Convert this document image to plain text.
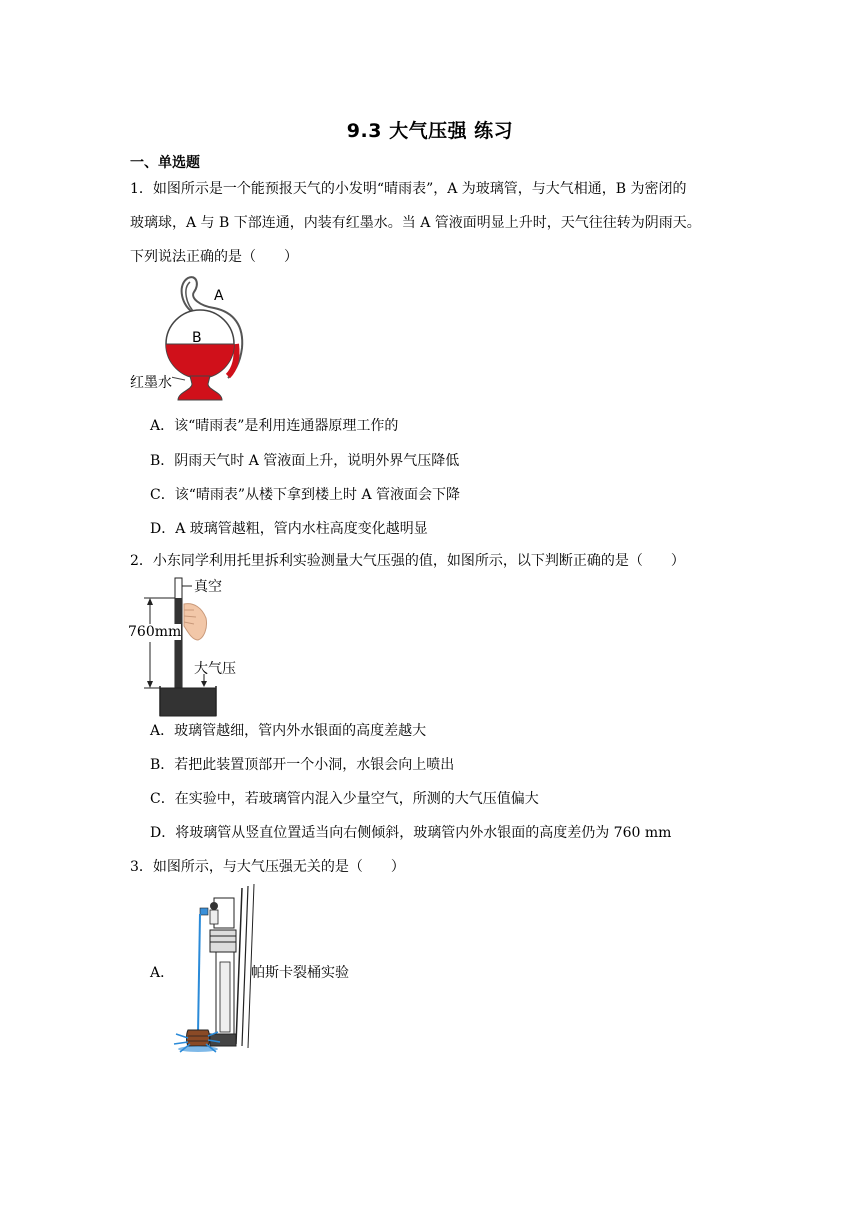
9.3 大气压强 练习
一、单选题
1．如图所示是一个能预报天气的小发明“晴雨表”，A 为玻璃管，与大气相通，B 为密闭的
玻璃球，A 与 B 下部连通，内装有红墨水。当 A 管液面明显上升时，天气往往转为阴雨天。
下列说法正确的是（　　）
A
B
红墨水
A．该“晴雨表”是利用连通器原理工作的
B．阴雨天气时 A 管液面上升，说明外界气压降低
C．该“晴雨表”从楼下拿到楼上时 A 管液面会下降
D．A 玻璃管越粗，管内水柱高度变化越明显
2．小东同学利用托里拆利实验测量大气压强的值，如图所示，以下判断正确的是（　　）
真空
760mm
大气压
A．玻璃管越细，管内外水银面的高度差越大
B．若把此装置顶部开一个小洞，水银会向上喷出
C．在实验中，若玻璃管内混入少量空气，所测的大气压值偏大
D．将玻璃管从竖直位置适当向右侧倾斜，玻璃管内外水银面的高度差仍为 760 mm
3．如图所示，与大气压强无关的是（　　）
A．	帕斯卡裂桶实验
